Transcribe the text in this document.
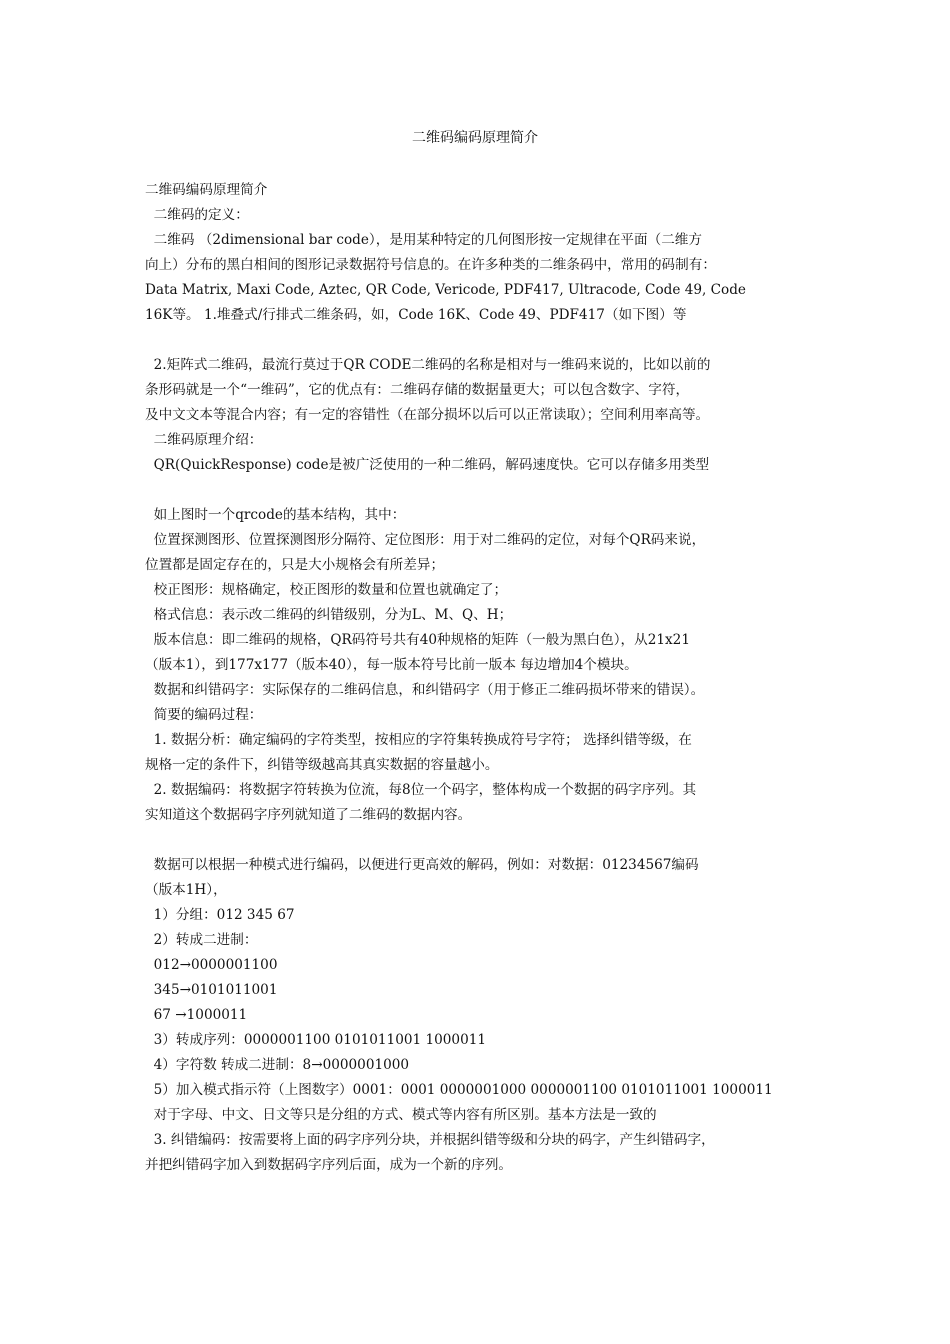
二维码编码原理简介
二维码编码原理简介
二维码的定义：
二维码 （2dimensional bar code），是用某种特定的几何图形按一定规律在平面（二维方
向上）分布的黑白相间的图形记录数据符号信息的。在许多种类的二维条码中，常用的码制有：
Data Matrix, Maxi Code, Aztec, QR Code, Vericode, PDF417, Ultracode, Code 49, Code
16K等。 1.堆叠式/行排式二维条码，如，Code 16K、Code 49、PDF417（如下图）等
2.矩阵式二维码，最流行莫过于QR CODE二维码的名称是相对与一维码来说的，比如以前的
条形码就是一个“一维码”，它的优点有：二维码存储的数据量更大；可以包含数字、字符，
及中文文本等混合内容；有一定的容错性（在部分损坏以后可以正常读取）；空间利用率高等。
二维码原理介绍：
QR(QuickResponse) code是被广泛使用的一种二维码，解码速度快。它可以存储多用类型
如上图时一个qrcode的基本结构，其中：
位置探测图形、位置探测图形分隔符、定位图形：用于对二维码的定位，对每个QR码来说，
位置都是固定存在的，只是大小规格会有所差异；
校正图形：规格确定，校正图形的数量和位置也就确定了；
格式信息：表示改二维码的纠错级别，分为L、M、Q、H；
版本信息：即二维码的规格，QR码符号共有40种规格的矩阵（一般为黑白色），从21x21
（版本1），到177x177（版本40），每一版本符号比前一版本 每边增加4个模块。
数据和纠错码字：实际保存的二维码信息，和纠错码字（用于修正二维码损坏带来的错误）。
简要的编码过程：
1. 数据分析：确定编码的字符类型，按相应的字符集转换成符号字符； 选择纠错等级，在
规格一定的条件下，纠错等级越高其真实数据的容量越小。
2. 数据编码：将数据字符转换为位流，每8位一个码字，整体构成一个数据的码字序列。其
实知道这个数据码字序列就知道了二维码的数据内容。
数据可以根据一种模式进行编码，以便进行更高效的解码，例如：对数据：01234567编码
（版本1H），
1）分组：012 345 67
2）转成二进制：
012→0000001100
345→0101011001
67 →1000011
3）转成序列：0000001100 0101011001 1000011
4）字符数 转成二进制：8→0000001000
5）加入模式指示符（上图数字）0001：0001 0000001000 0000001100 0101011001 1000011
对于字母、中文、日文等只是分组的方式、模式等内容有所区别。基本方法是一致的
3. 纠错编码：按需要将上面的码字序列分块，并根据纠错等级和分块的码字，产生纠错码字，
并把纠错码字加入到数据码字序列后面，成为一个新的序列。
